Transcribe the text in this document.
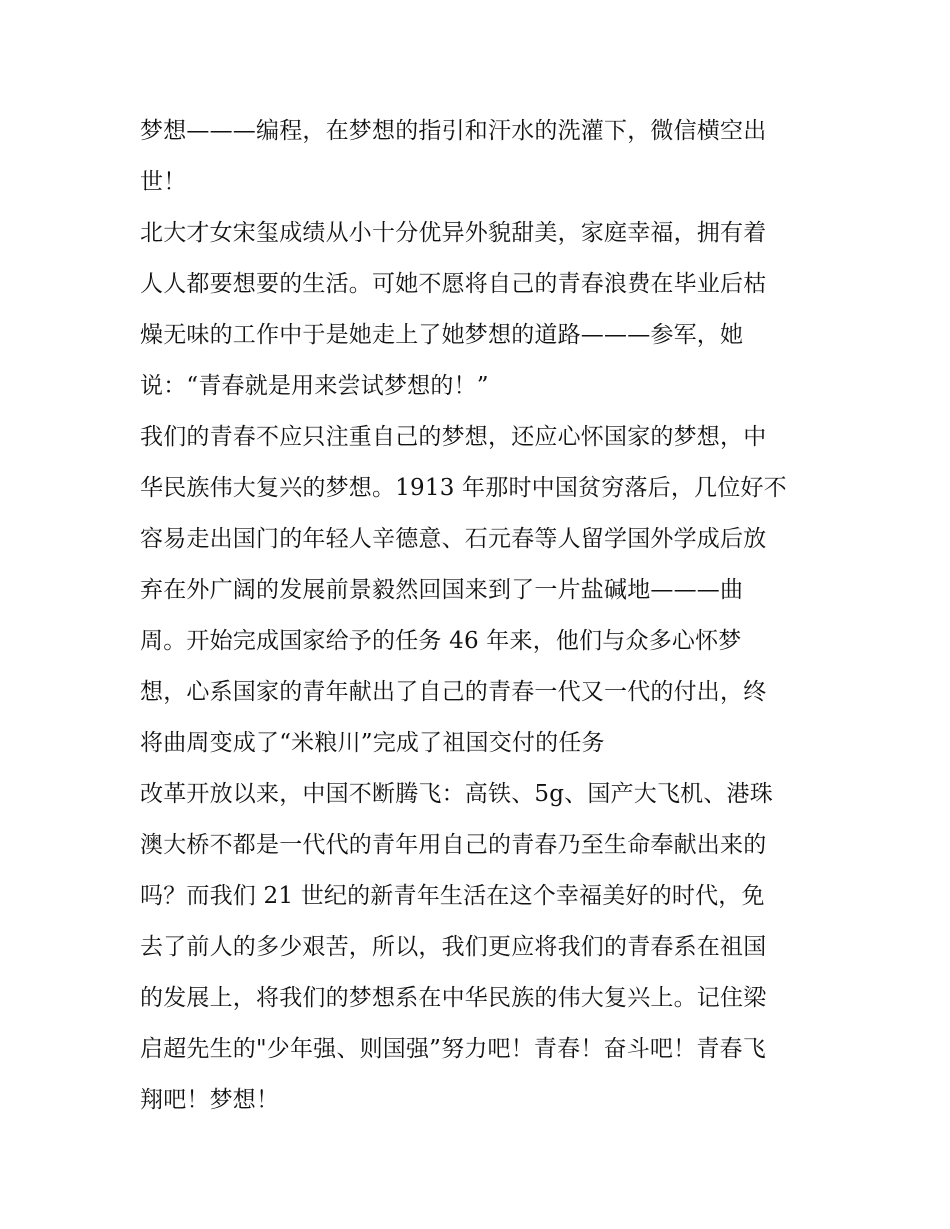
梦想———编程，在梦想的指引和汗水的洗灌下，微信横空出
世！
北大才女宋玺成绩从小十分优异外貌甜美，家庭幸福，拥有着
人人都要想要的生活。可她不愿将自己的青春浪费在毕业后枯
燥无味的工作中于是她走上了她梦想的道路———参军，她
说：“青春就是用来尝试梦想的！”
我们的青春不应只注重自己的梦想，还应心怀国家的梦想，中
华民族伟大复兴的梦想。1913 年那时中国贫穷落后，几位好不
容易走出国门的年轻人辛德意、石元春等人留学国外学成后放
弃在外广阔的发展前景毅然回国来到了一片盐碱地———曲
周。开始完成国家给予的任务 46 年来，他们与众多心怀梦
想，心系国家的青年献出了自己的青春一代又一代的付出，终
将曲周变成了“米粮川”完成了祖国交付的任务
改革开放以来，中国不断腾飞：高铁、5g、国产大飞机、港珠
澳大桥不都是一代代的青年用自己的青春乃至生命奉献出来的
吗？而我们 21 世纪的新青年生活在这个幸福美好的时代，免
去了前人的多少艰苦，所以，我们更应将我们的青春系在祖国
的发展上，将我们的梦想系在中华民族的伟大复兴上。记住梁
启超先生的"少年强、则国强”努力吧！青春！奋斗吧！青春飞
翔吧！梦想！
